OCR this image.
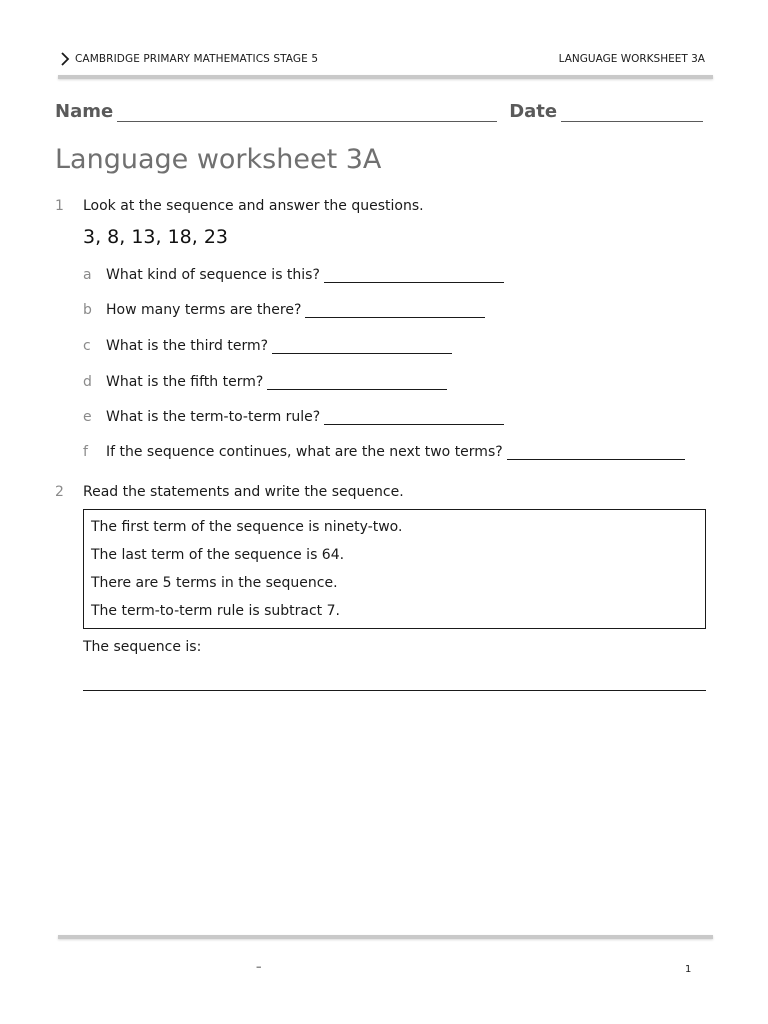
CAMBRIDGE PRIMARY MATHEMATICS STAGE 5	LANGUAGE WORKSHEET 3A
Name	Date
Language worksheet 3A
1 Look at the sequence and answer the questions.
3, 8, 13, 18, 23
a What kind of sequence is this?
b How many terms are there?
c What is the third term?
d What is the fifth term?
e What is the term-to-term rule?
f If the sequence continues, what are the next two terms?
2 Read the statements and write the sequence.
The first term of the sequence is ninety-two.
The last term of the sequence is 64.
There are 5 terms in the sequence.
The term-to-term rule is subtract 7.
The sequence is:
–	1
